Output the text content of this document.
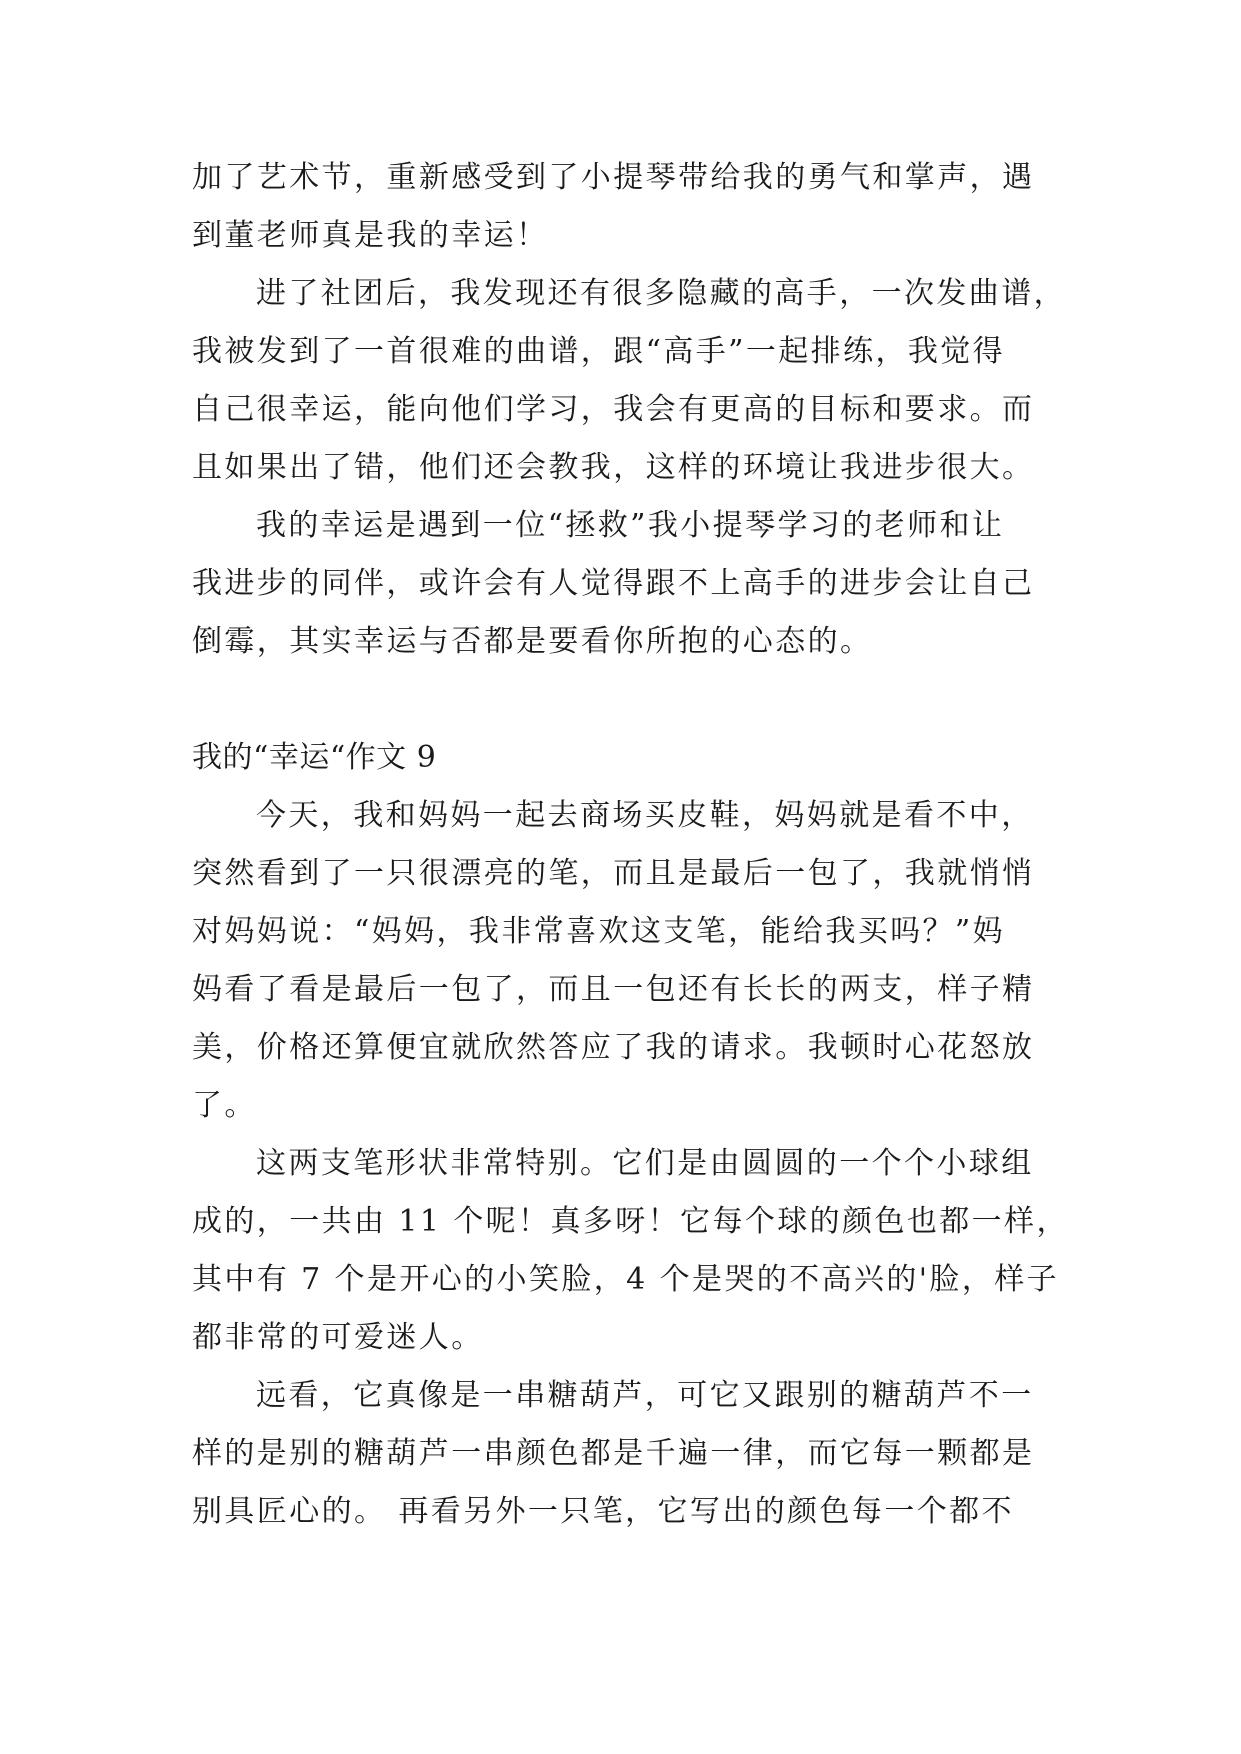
加了艺术节，重新感受到了小提琴带给我的勇气和掌声，遇
到董老师真是我的幸运！
进了社团后，我发现还有很多隐藏的高手，一次发曲谱，
我被发到了一首很难的曲谱，跟“高手”一起排练，我觉得
自己很幸运，能向他们学习，我会有更高的目标和要求。而
且如果出了错，他们还会教我，这样的环境让我进步很大。
我的幸运是遇到一位“拯救”我小提琴学习的老师和让
我进步的同伴，或许会有人觉得跟不上高手的进步会让自己
倒霉，其实幸运与否都是要看你所抱的心态的。
我的“幸运“作文 9
今天，我和妈妈一起去商场买皮鞋，妈妈就是看不中，
突然看到了一只很漂亮的笔，而且是最后一包了，我就悄悄
对妈妈说：“妈妈，我非常喜欢这支笔，能给我买吗？”妈
妈看了看是最后一包了，而且一包还有长长的两支，样子精
美，价格还算便宜就欣然答应了我的请求。我顿时心花怒放
了。
这两支笔形状非常特别。它们是由圆圆的一个个小球组
成的，一共由 11 个呢！真多呀！它每个球的颜色也都一样，
其中有 7 个是开心的小笑脸，4 个是哭的不高兴的'脸，样子
都非常的可爱迷人。
远看，它真像是一串糖葫芦，可它又跟别的糖葫芦不一
样的是别的糖葫芦一串颜色都是千遍一律，而它每一颗都是
别具匠心的。 再看另外一只笔，它写出的颜色每一个都不
